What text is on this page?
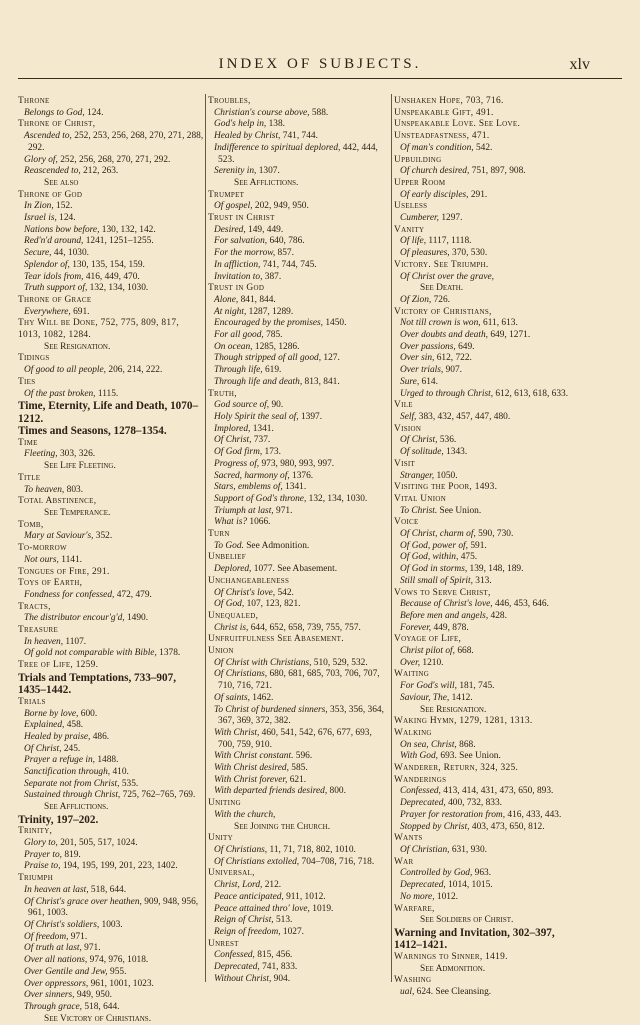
INDEX OF SUBJECTS.	xlv
Throne
Belongs to God, 124.
Throne of Christ,
Ascended to, 252, 253, 256, 268, 270, 271, 288, 292.
Glory of, 252, 256, 268, 270, 271, 292.
Reascended to, 212, 263.
See also
Throne of God
In Zion, 152.
Israel is, 124.
Nations bow before, 130, 132, 142.
Red'n'd around, 1241, 1251–1255.
Secure, 44, 1030.
Splendor of, 130, 135, 154, 159.
Tear idols from, 416, 449, 470.
Truth support of, 132, 134, 1030.
Throne of Grace
Everywhere, 691.
Thy Will be Done, 752, 775, 809, 817, 1013, 1082, 1284.
See Resignation.
Tidings
Of good to all people, 206, 214, 222.
Ties
Of the past broken, 1115.
Time, Eternity, Life and Death, 1070–1212.
Times and Seasons, 1278–1354.
Time
Fleeting, 303, 326.
See Life Fleeting.
Title
To heaven, 803.
Total Abstinence,
See Temperance.
Tomb,
Mary at Saviour's, 352.
To-morrow
Not ours, 1141.
Tongues of Fire, 291.
Toys of Earth,
Fondness for confessed, 472, 479.
Tracts,
The distributor encour'g'd, 1490.
Treasure
In heaven, 1107.
Of gold not comparable with Bible, 1378.
Tree of Life, 1259.
Trials and Temptations, 733–907, 1435–1442.
Trials
Borne by love, 600.
Explained, 458.
Healed by praise, 486.
Of Christ, 245.
Prayer a refuge in, 1488.
Sanctification through, 410.
Separate not from Christ, 535.
Sustained through Christ, 725, 762–765, 769.
See Afflictions.
Trinity, 197–202.
Trinity,
Glory to, 201, 505, 517, 1024.
Prayer to, 819.
Praise to, 194, 195, 199, 201, 223, 1402.
Triumph
In heaven at last, 518, 644.
Of Christ's grace over heathen, 909, 948, 956, 961, 1003.
Of Christ's soldiers, 1003.
Of freedom, 971.
Of truth at last, 971.
Over all nations, 974, 976, 1018.
Over Gentile and Jew, 955.
Over oppressors, 961, 1001, 1023.
Over sinners, 949, 950.
Through grace, 518, 644.
See Victory of Christians.
Troubles,
Christian's course above, 588.
God's help in, 138.
Healed by Christ, 741, 744.
Indifference to spiritual deplored, 442, 444, 523.
Serenity in, 1307.
See Afflictions.
Trumpet
Of gospel, 202, 949, 950.
Trust in Christ
Desired, 149, 449.
For salvation, 640, 786.
For the morrow, 857.
In affliction, 741, 744, 745.
Invitation to, 387.
Trust in God
Alone, 841, 844.
At night, 1287, 1289.
Encouraged by the promises, 1450.
For all good, 785.
On ocean, 1285, 1286.
Though stripped of all good, 127.
Through life, 619.
Through life and death, 813, 841.
Truth,
God source of, 90.
Holy Spirit the seal of, 1397.
Implored, 1341.
Of Christ, 737.
Of God firm, 173.
Progress of, 973, 980, 993, 997.
Sacred, harmony of, 1376.
Stars, emblems of, 1341.
Support of God's throne, 132, 134, 1030.
Triumph at last, 971.
What is? 1066.
Turn
To God. See Admonition.
Unbelief
Deplored, 1077. See Abasement.
Unchangeableness
Of Christ's love, 542.
Of God, 107, 123, 821.
Unequaled,
Christ is, 644, 652, 658, 739, 755, 757.
Unfruitfulness See Abasement.
Union
Of Christ with Christians, 510, 529, 532.
Of Christians, 680, 681, 685, 703, 706, 707, 710, 716, 721.
Of saints, 1462.
To Christ of burdened sinners, 353, 356, 364, 367, 369, 372, 382.
With Christ, 460, 541, 542, 676, 677, 693, 700, 759, 910.
With Christ constant. 596.
With Christ desired, 585.
With Christ forever, 621.
With departed friends desired, 800.
Uniting
With the church,
See Joining the Church.
Unity
Of Christians, 11, 71, 718, 802, 1010.
Of Christians extolled, 704–708, 716, 718.
Universal,
Christ, Lord, 212.
Peace anticipated, 911, 1012.
Peace attained thro' love, 1019.
Reign of Christ, 513.
Reign of freedom, 1027.
Unrest
Confessed, 815, 456.
Deprecated, 741, 833.
Without Christ, 904.
Unshaken Hope, 703, 716.
Unspeakable Gift, 491.
Unspeakable Love. See Love.
Unsteadfastness, 471.
Of man's condition, 542.
Upbuilding
Of church desired, 751, 897, 908.
Upper Room
Of early disciples, 291.
Useless
Cumberer, 1297.
Vanity
Of life, 1117, 1118.
Of pleasures, 370, 530.
Victory. See Triumph.
Of Christ over the grave,
See Death.
Of Zion, 726.
Victory of Christians,
Not till crown is won, 611, 613.
Over doubts and death, 649, 1271.
Over passions, 649.
Over sin, 612, 722.
Over trials, 907.
Sure, 614.
Urged to through Christ, 612, 613, 618, 633.
Vile
Self, 383, 432, 457, 447, 480.
Vision
Of Christ, 536.
Of solitude, 1343.
Visit
Stranger, 1050.
Visiting the Poor, 1493.
Vital Union
To Christ. See Union.
Voice
Of Christ, charm of, 590, 730.
Of God, power of, 591.
Of God, within, 475.
Of God in storms, 139, 148, 189.
Still small of Spirit, 313.
Vows to Serve Christ,
Because of Christ's love, 446, 453, 646.
Before men and angels, 428.
Forever, 449, 878.
Voyage of Life,
Christ pilot of, 668.
Over, 1210.
Waiting
For God's will, 181, 745.
Saviour, The, 1412.
See Resignation.
Waking Hymn, 1279, 1281, 1313.
Walking
On sea, Christ, 868.
With God, 693. See Union.
Wanderer, Return, 324, 325.
Wanderings
Confessed, 413, 414, 431, 473, 650, 893.
Deprecated, 400, 732, 833.
Prayer for restoration from, 416, 433, 443.
Stopped by Christ, 403, 473, 650, 812.
Wants
Of Christian, 631, 930.
War
Controlled by God, 963.
Deprecated, 1014, 1015.
No more, 1012.
Warfare,
See Soldiers of Christ.
Warning and Invitation, 302–397, 1412–1421.
Warnings to Sinner, 1419.
See Admonition.
Washing
ual, 624. See Cleansing.
